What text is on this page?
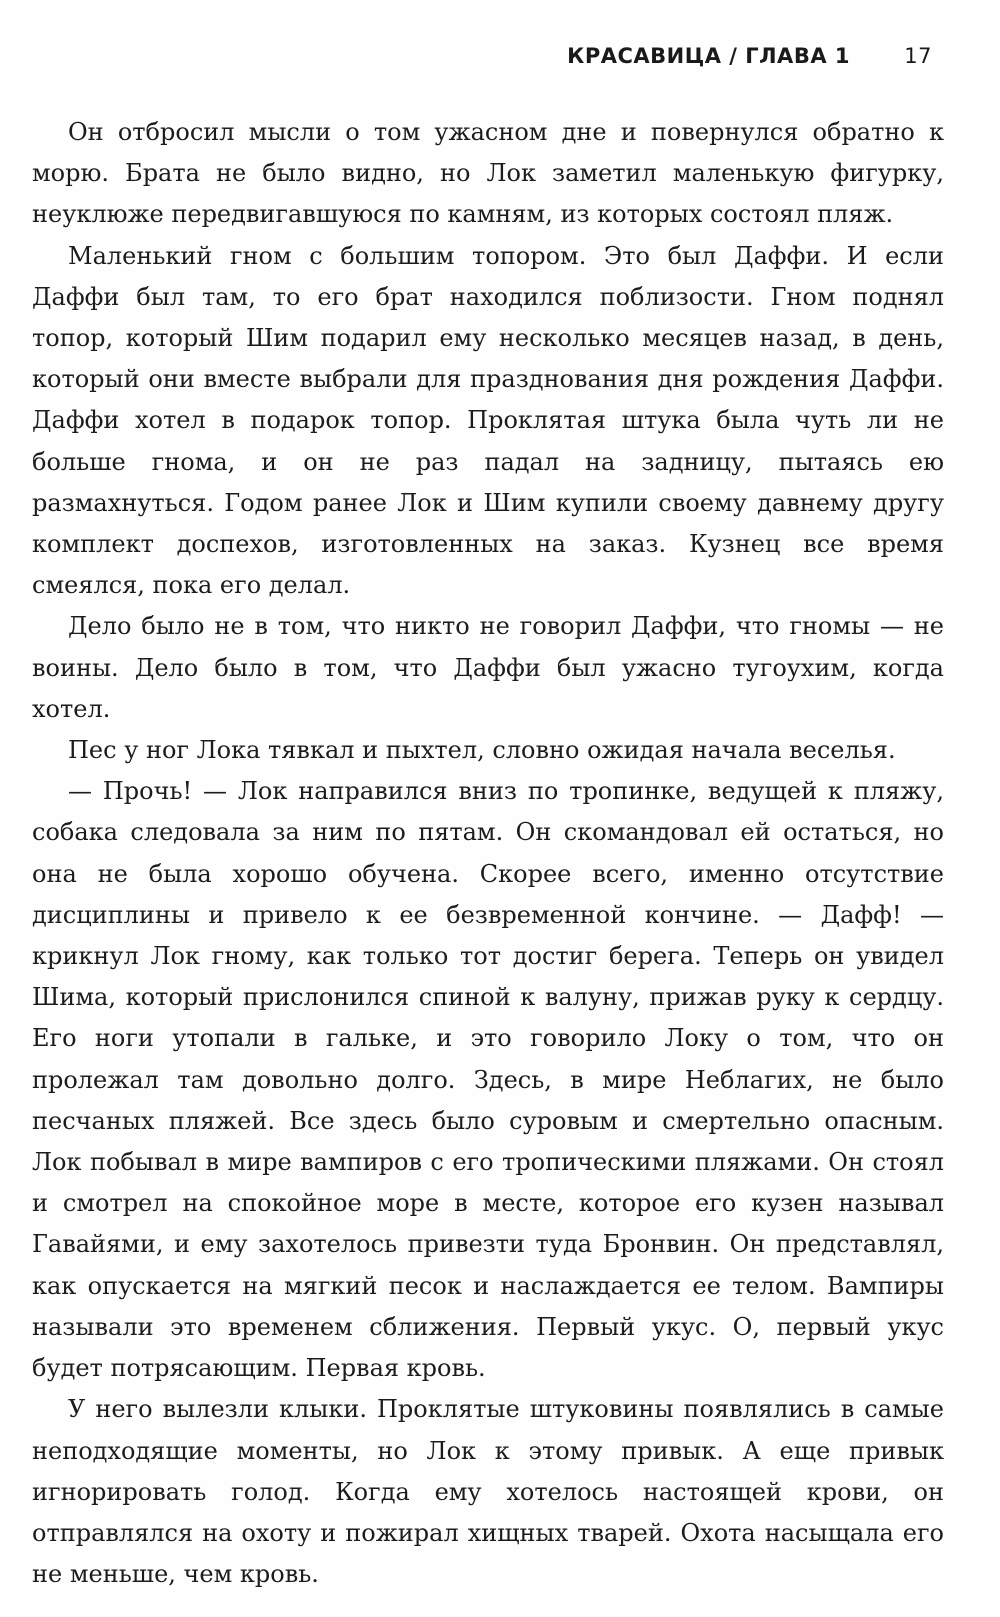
КРАСАВИЦА / ГЛАВА 1	17

Он отбросил мысли о том ужасном дне и повернулся обратно к морю. Брата не было видно, но Лок заметил маленькую фигурку, неуклюже передвигавшуюся по камням, из которых состоял пляж.

Маленький гном с большим топором. Это был Даффи. И если Даффи был там, то его брат находился поблизости. Гном поднял топор, который Шим подарил ему несколько месяцев назад, в день, который они вместе выбрали для празднования дня рождения Даффи. Даффи хотел в подарок топор. Проклятая штука была чуть ли не больше гнома, и он не раз падал на задницу, пытаясь ею размахнуться. Годом ранее Лок и Шим купили своему давнему другу комплект доспехов, изготовленных на заказ. Кузнец все время смеялся, пока его делал.

Дело было не в том, что никто не говорил Даффи, что гномы — не воины. Дело было в том, что Даффи был ужасно тугоухим, когда хотел.

Пес у ног Лока тявкал и пыхтел, словно ожидая начала веселья.

— Прочь! — Лок направился вниз по тропинке, ведущей к пляжу, собака следовала за ним по пятам. Он скомандовал ей остаться, но она не была хорошо обучена. Скорее всего, именно отсутствие дисциплины и привело к ее безвременной кончине. — Дафф! — крикнул Лок гному, как только тот достиг берега. Теперь он увидел Шима, который прислонился спиной к валуну, прижав руку к сердцу. Его ноги утопали в гальке, и это говорило Локу о том, что он пролежал там довольно долго. Здесь, в мире Неблагих, не было песчаных пляжей. Все здесь было суровым и смертельно опасным. Лок побывал в мире вампиров с его тропическими пляжами. Он стоял и смотрел на спокойное море в месте, которое его кузен называл Гавайями, и ему захотелось привезти туда Бронвин. Он представлял, как опускается на мягкий песок и наслаждается ее телом. Вампиры называли это временем сближения. Первый укус. О, первый укус будет потрясающим. Первая кровь.

У него вылезли клыки. Проклятые штуковины появлялись в самые неподходящие моменты, но Лок к этому привык. А еще привык игнорировать голод. Когда ему хотелось настоящей крови, он отправлялся на охоту и пожирал хищных тварей. Охота насыщала его не меньше, чем кровь.
